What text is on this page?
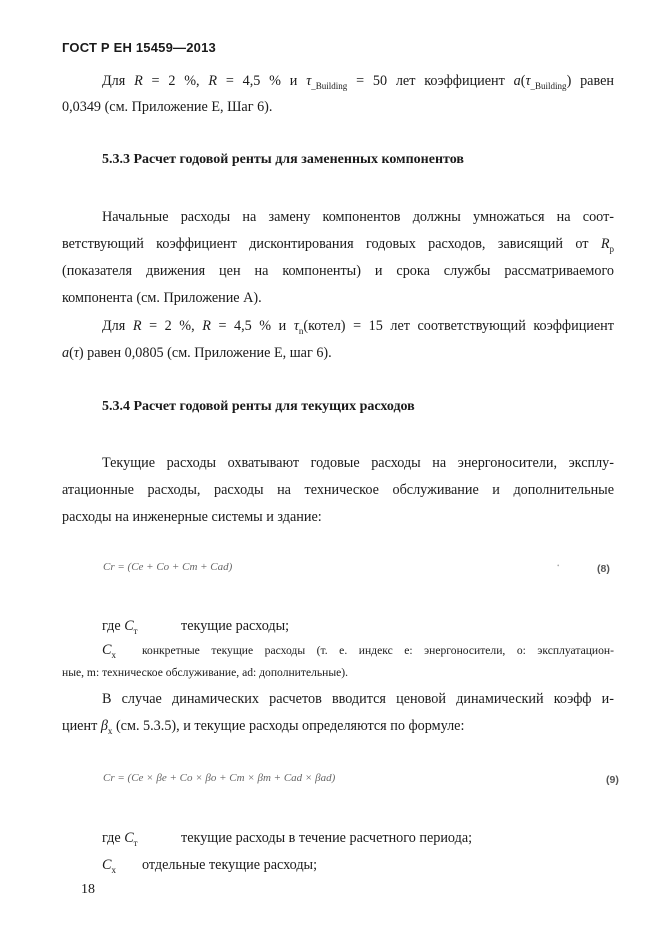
ГОСТ Р ЕН 15459—2013
Для R = 2 %, R = 4,5 % и $\tau_{\_Building} = 50$ лет коэффициент $a(\tau_{\_Building})$ равен
0,0349 (см. Приложение Е, Шаг 6).
5.3.3 Расчет годовой ренты для замененных компонентов
Начальные расходы на замену компонентов должны умножаться на соот-
ветствующий коэффициент дисконтирования годовых расходов, зависящий от $R_p$
(показателя движения цен на компоненты) и срока службы рассматриваемого
компонента (см. Приложение А).
Для R = 2 %, R = 4,5 % и $\tau_n(котел) = 15$ лет соответствующий коэффициент
a(τ) равен 0,0805 (см. Приложение Е, шаг 6).
5.3.4 Расчет годовой ренты для текущих расходов
Текущие расходы охватывают годовые расходы на энергоносители, эксплу-
атационные расходы, расходы на техническое обслуживание и дополнительные
расходы на инженерные системы и здание:
Cr = (Ce + Co + Cm + Cad)	•	(8)
где $C_т$	текущие расходы;
$C_x$ конкретные текущие расходы (т. е. индекс e: энергоносители, o: эксплуатацион-
ные, m: техническое обслуживание, ad: дополнительные).
В случае динамических расчетов вводится ценовой динамический коэфф и-
циент $\beta_x$ (см. 5.3.5), и текущие расходы определяются по формуле:
Cr = (Ce × βe + Co × βo + Cm × βm + Cad × βad)	(9)
где $C_т$	текущие расходы в течение расчетного периода;
$C_x$ отдельные текущие расходы;
18
